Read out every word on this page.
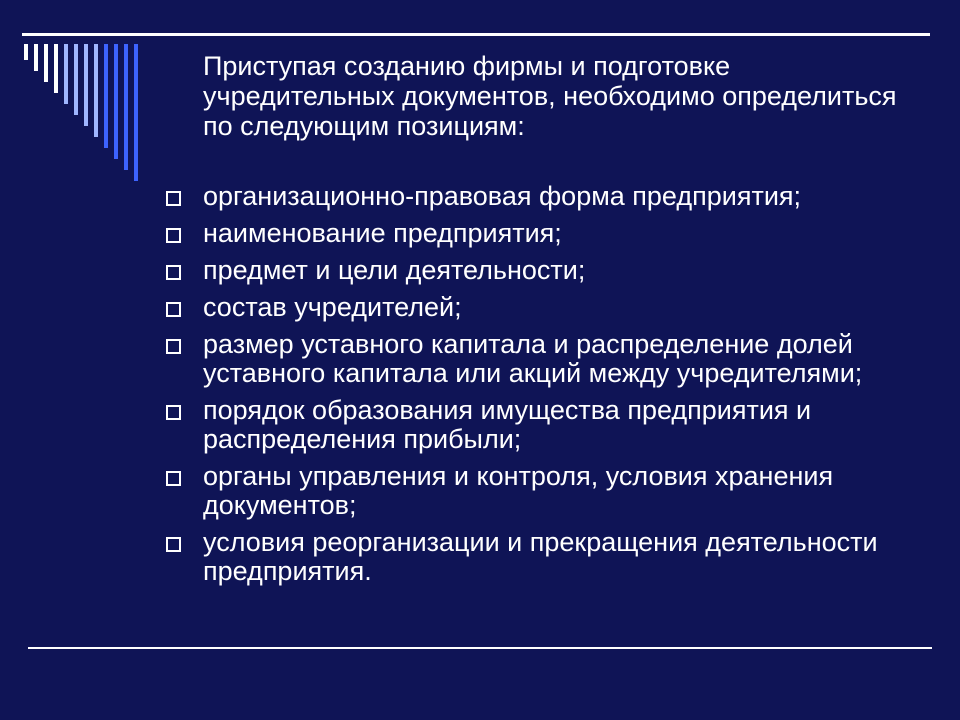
Приступая созданию фирмы и подготовке учредительных документов, необходимо определиться по следующим позициям:

организационно-правовая форма предприятия;
наименование предприятия;
предмет и цели деятельности;
состав учредителей;
размер уставного капитала и распределение долей уставного капитала или акций между учредителями;
порядок образования имущества предприятия и распределения прибыли;
органы управления и контроля, условия хранения документов;
условия реорганизации и прекращения деятельности предприятия.
